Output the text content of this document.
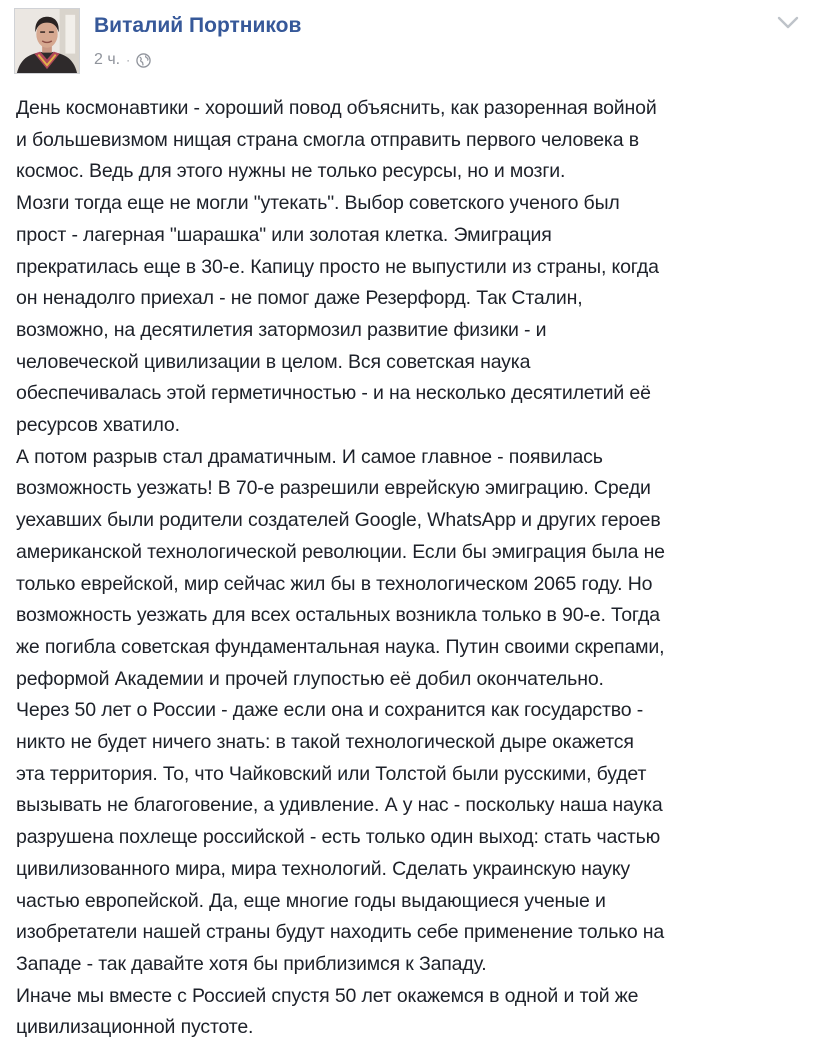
Виталий Портников
2 ч. ·

День космонавтики - хороший повод объяснить, как разоренная войной
и большевизмом нищая страна смогла отправить первого человека в
космос. Ведь для этого нужны не только ресурсы, но и мозги.

Мозги тогда еще не могли "утекать". Выбор советского ученого был
прост - лагерная "шарашка" или золотая клетка. Эмиграция
прекратилась еще в 30-е. Капицу просто не выпустили из страны, когда
он ненадолго приехал - не помог даже Резерфорд. Так Сталин,
возможно, на десятилетия затормозил развитие физики - и
человеческой цивилизации в целом. Вся советская наука
обеспечивалась этой герметичностью - и на несколько десятилетий её
ресурсов хватило.

А потом разрыв стал драматичным. И самое главное - появилась
возможность уезжать! В 70-е разрешили еврейскую эмиграцию. Среди
уехавших были родители создателей Google, WhatsApp и других героев
американской технологической революции. Если бы эмиграция была не
только еврейской, мир сейчас жил бы в технологическом 2065 году. Но
возможность уезжать для всех остальных возникла только в 90-е. Тогда
же погибла советская фундаментальная наука. Путин своими скрепами,
реформой Академии и прочей глупостью её добил окончательно.

Через 50 лет о России - даже если она и сохранится как государство -
никто не будет ничего знать: в такой технологической дыре окажется
эта территория. То, что Чайковский или Толстой были русскими, будет
вызывать не благоговение, а удивление. А у нас - поскольку наша наука
разрушена похлеще российской - есть только один выход: стать частью
цивилизованного мира, мира технологий. Сделать украинскую науку
частью европейской. Да, еще многие годы выдающиеся ученые и
изобретатели нашей страны будут находить себе применение только на
Западе - так давайте хотя бы приблизимся к Западу.

Иначе мы вместе с Россией спустя 50 лет окажемся в одной и той же
цивилизационной пустоте.
